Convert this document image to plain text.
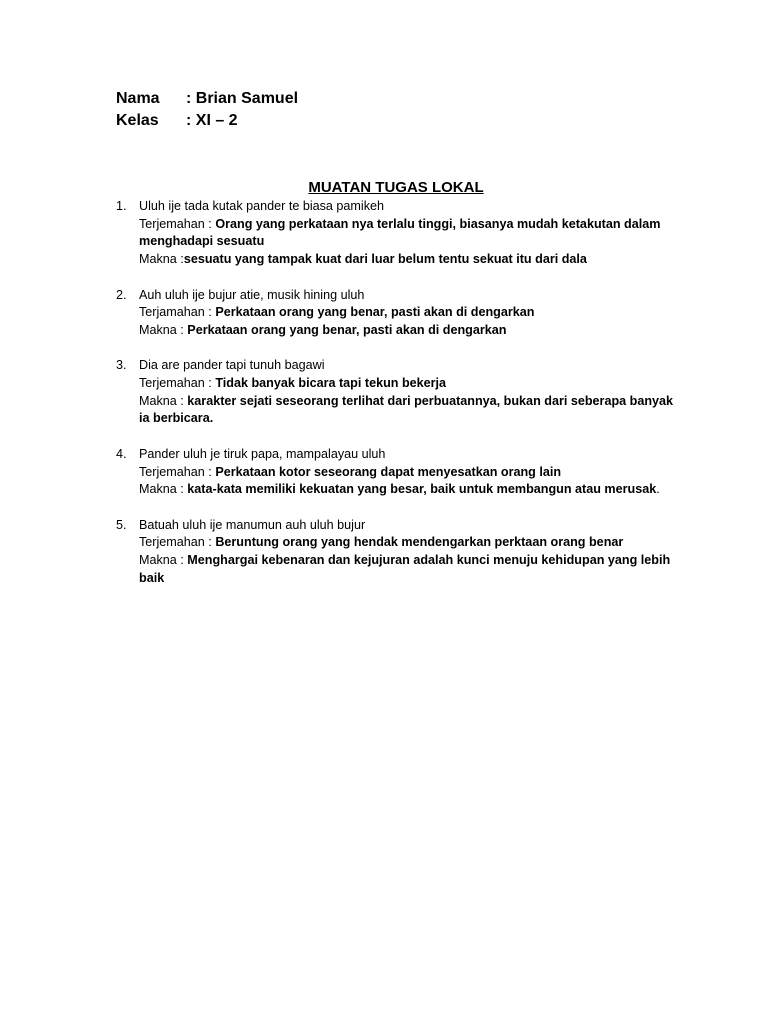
Nama	: Brian Samuel
Kelas	: XI – 2
MUATAN TUGAS LOKAL
1. Uluh ije tada kutak pander te biasa pamikeh
Terjemahan : Orang yang perkataan nya terlalu tinggi, biasanya mudah ketakutan dalam menghadapi sesuatu
Makna :sesuatu yang tampak kuat dari luar belum tentu sekuat itu dari dala
2. Auh uluh ije bujur atie, musik hining uluh
Terjamahan : Perkataan orang yang benar, pasti akan di dengarkan
Makna : Perkataan orang yang benar, pasti akan di dengarkan
3. Dia are pander tapi tunuh bagawi
Terjemahan : Tidak banyak bicara tapi tekun bekerja
Makna : karakter sejati seseorang terlihat dari perbuatannya, bukan dari seberapa banyak ia berbicara.
4. Pander uluh je tiruk papa, mampalayau uluh
Terjemahan : Perkataan kotor seseorang dapat menyesatkan orang lain
Makna : kata-kata memiliki kekuatan yang besar, baik untuk membangun atau merusak.
5. Batuah uluh ije manumun auh uluh bujur
Terjemahan : Beruntung orang yang hendak mendengarkan perktaan orang benar
Makna : Menghargai kebenaran dan kejujuran adalah kunci menuju kehidupan yang lebih baik
